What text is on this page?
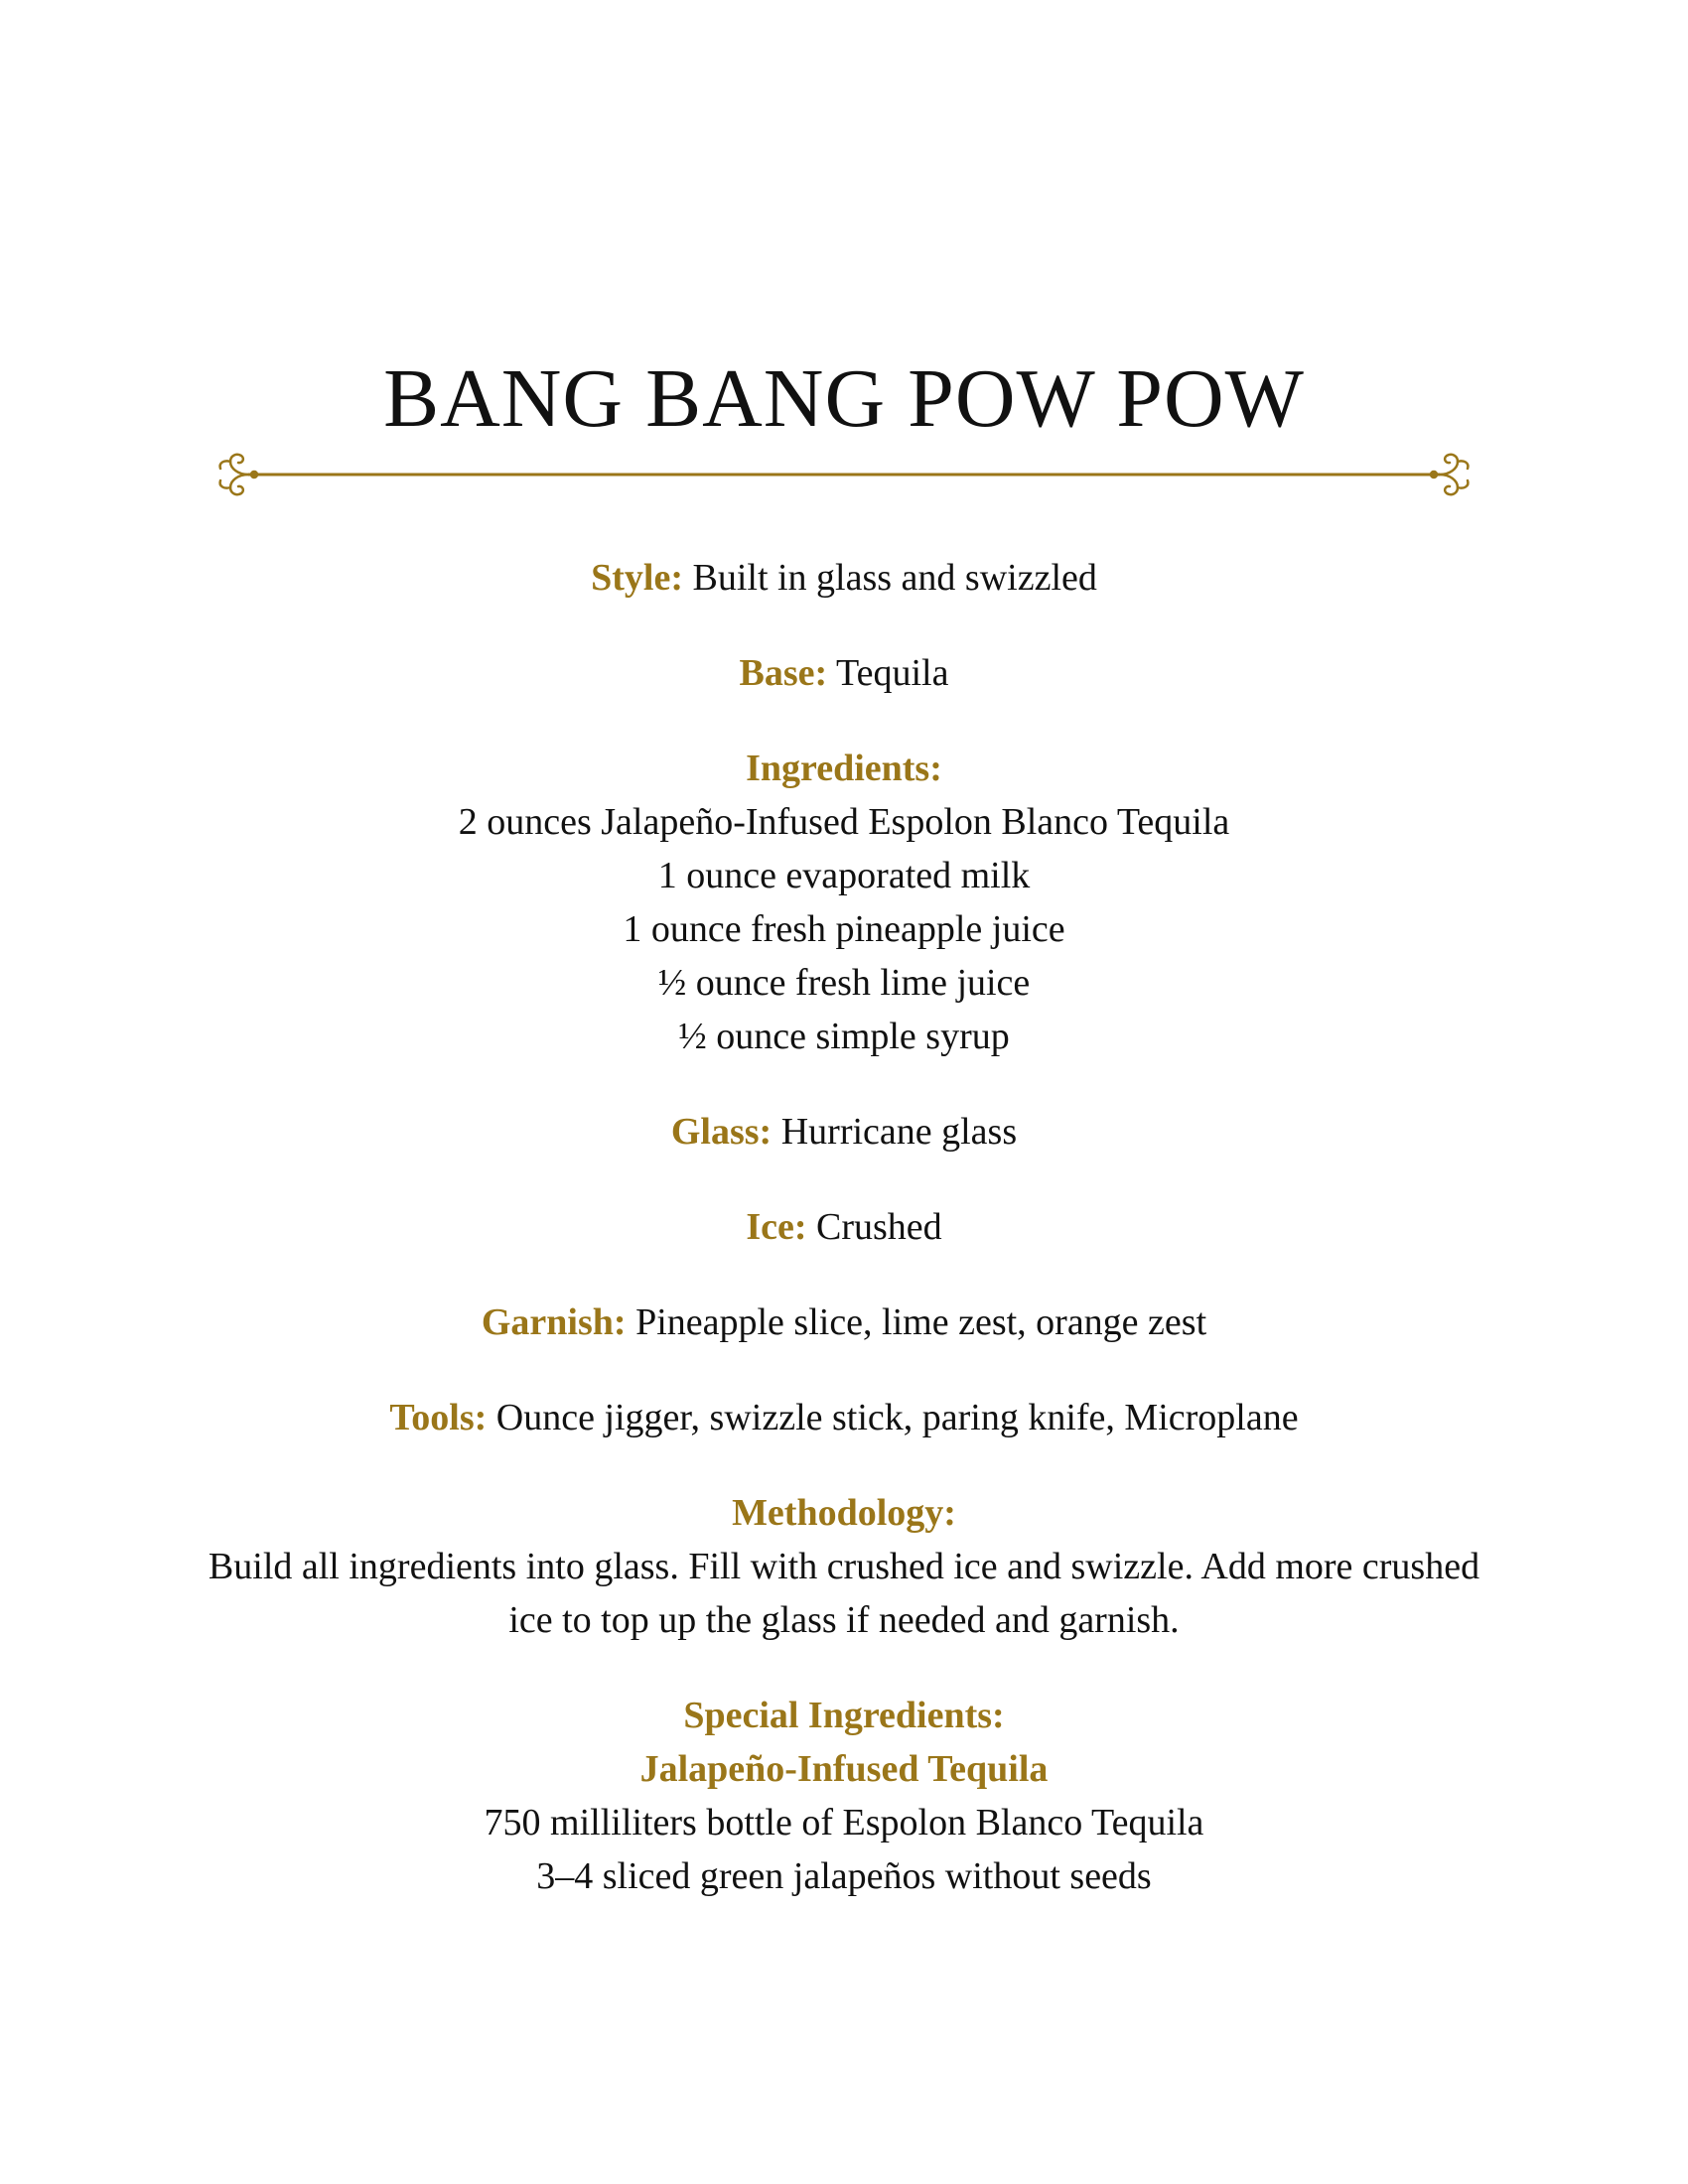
BANG BANG POW POW

Style: Built in glass and swizzled

Base: Tequila

Ingredients:
2 ounces Jalapeño-Infused Espolon Blanco Tequila
1 ounce evaporated milk
1 ounce fresh pineapple juice
½ ounce fresh lime juice
½ ounce simple syrup

Glass: Hurricane glass

Ice: Crushed

Garnish: Pineapple slice, lime zest, orange zest

Tools: Ounce jigger, swizzle stick, paring knife, Microplane

Methodology:
Build all ingredients into glass. Fill with crushed ice and swizzle. Add more crushed ice to top up the glass if needed and garnish.
Special Ingredients:
Jalapeño-Infused Tequila
750 milliliters bottle of Espolon Blanco Tequila
3–4 sliced green jalapeños without seeds
